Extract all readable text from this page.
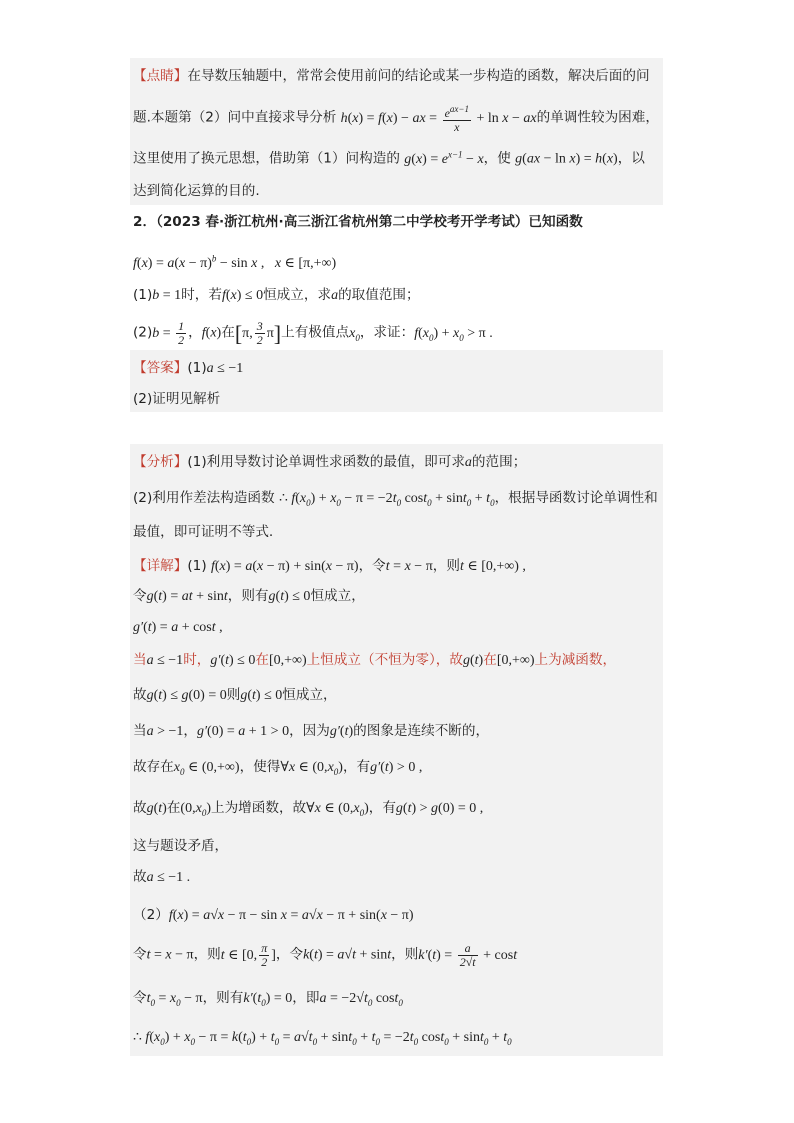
【点睛】在导数压轴题中，常常会使用前问的结论或某一步构造的函数，解决后面的问
题.本题第（2）问中直接求导分析 h(x) = f(x) − ax = $\frac{e^{ax-1}}{x} + \ln x$ − ax的单调性较为困难，
这里使用了换元思想，借助第（1）问构造的 $g(x) = e^{x-1} - x$，使 g(ax − ln x) = h(x)，以
达到简化运算的目的.
2．（2023 春·浙江杭州·高三浙江省杭州第二中学校考开学考试）已知函数
$f(x) = a(x - \pi)^b - \sin x$ ,   x ∈ [π,+∞)
(1)b = 1时，若f(x) ≤ 0恒成立，求a的取值范围；
$(2)b = \frac{1}{2}$ ，f(x)在[π, $\frac{3}{2} \pi$]上有极值点$x_0$，求证：$f(x_0) + x_0 > \pi$ .
【答案】(1)a ≤ −1
(2)证明见解析
【分析】(1)利用导数讨论单调性求函数的最值，即可求a的范围；
(2)利用作差法构造函数 ∴ $f(x_0) + x_0 - \pi = -2t_0$ $\cos t_0 + \sin t_0 + t_0$，根据导函数讨论单调性和
最值，即可证明不等式.
【详解】(1) f(x) = a(x − π) + sin(x − π)，令t = x − π，则t ∈ [0,+∞) ,
令g(t) = at + sint，则有g(t) ≤ 0恒成立，
g′(t) = a + cost ,
当a ≤ −1时，g′(t) ≤ 0在[0,+∞)上恒成立（不恒为零），故g(t)在[0,+∞)上为减函数，
故g(t) ≤ g(0) = 0则g(t) ≤ 0恒成立，
当a > −1，g′(0) = a + 1 > 0，因为g′(t)的图象是连续不断的，
故存在$x_0$ ∈ (0,+∞)，使得∀x ∈ $(0,x_0)$，有g′(t) > 0 ,
故g(t)在$(0,x_0)$上为增函数，故∀x ∈ $(0,x_0)$，有g(t) > g(0) = 0 ,
这与题设矛盾，
故a ≤ −1 .
（2）f(x) = a√x − π − sin x = a√x − π + sin(x − π)
令t = x − π，则t ∈ [0, $\frac{\pi}{2}$ ]，令k(t) = a√t + sint，则$k'(t) = \frac{a}{2√t} + \cos t$
令$t_0 = x_0 - \pi$，则有$k'(t_0) = 0$，即$a = -2√t_0$ cost$_0$
∴ $f(x_0) + x_0 - \pi = k(t_0) + t_0 = a√t_0 + \sin t_0 + t_0 = -2t_0$ $\cos t_0 + \sin t_0 + t_0$
